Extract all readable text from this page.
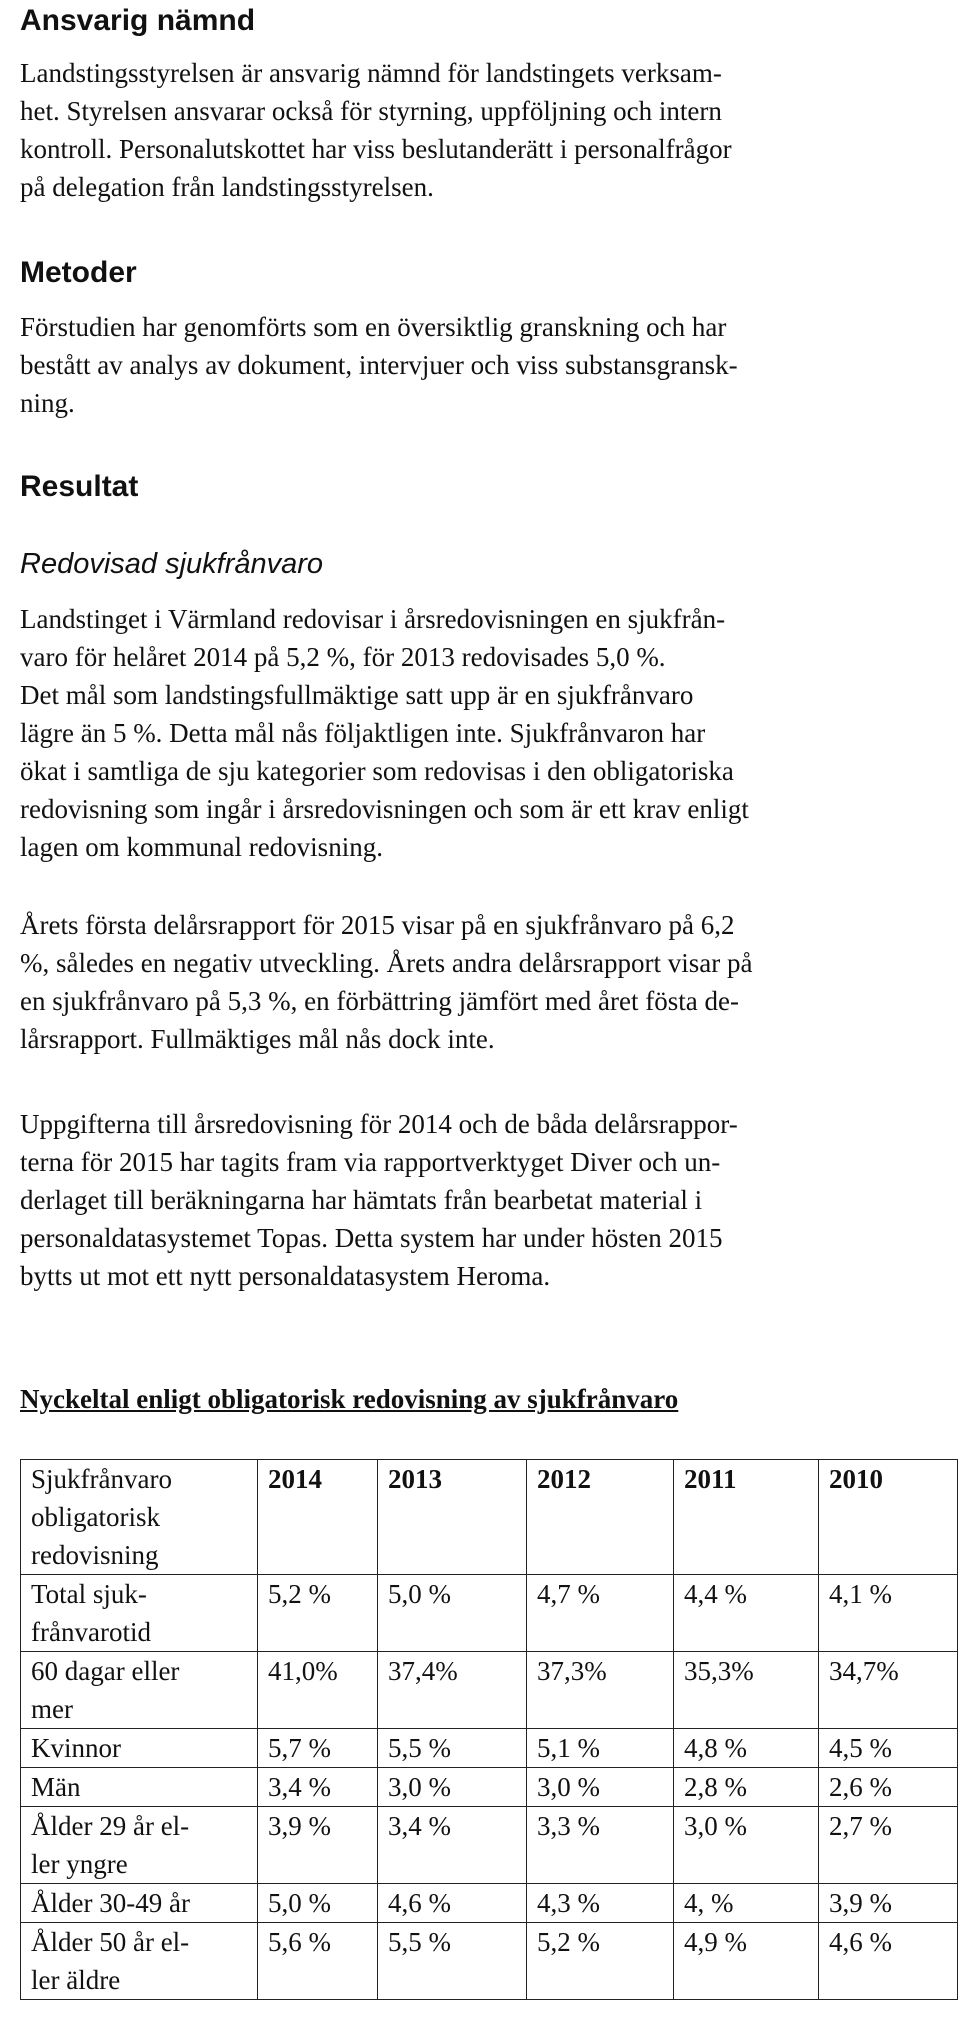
Ansvarig nämnd

Landstingsstyrelsen är ansvarig nämnd för landstingets verksam-
het. Styrelsen ansvarar också för styrning, uppföljning och intern
kontroll. Personalutskottet har viss beslutanderätt i personalfrågor
på delegation från landstingsstyrelsen.

Metoder

Förstudien har genomförts som en översiktlig granskning och har
bestått av analys av dokument, intervjuer och viss substansgransk-
ning.

Resultat
Redovisad sjukfrånvaro

Landstinget i Värmland redovisar i årsredovisningen en sjukfrån-
varo för helåret 2014 på 5,2 %, för 2013 redovisades 5,0 %.
Det mål som landstingsfullmäktige satt upp är en sjukfrånvaro
lägre än 5 %. Detta mål nås följaktligen inte. Sjukfrånvaron har
ökat i samtliga de sju kategorier som redovisas i den obligatoriska
redovisning som ingår i årsredovisningen och som är ett krav enligt
lagen om kommunal redovisning.

Årets första delårsrapport för 2015 visar på en sjukfrånvaro på 6,2
%, således en negativ utveckling. Årets andra delårsrapport visar på
en sjukfrånvaro på 5,3 %, en förbättring jämfört med året fösta de-
lårsrapport. Fullmäktiges mål nås dock inte.

Uppgifterna till årsredovisning för 2014 och de båda delårsrappor-
terna för 2015 har tagits fram via rapportverktyget Diver och un-
derlaget till beräkningarna har hämtats från bearbetat material i
personaldatasystemet Topas. Detta system har under hösten 2015
bytts ut mot ett nytt personaldatasystem Heroma.

Nyckeltal enligt obligatorisk redovisning av sjukfrånvaro
Sjukfrånvaro
obligatorisk
redovisning	2014	2013	2012	2011	2010

Total sjuk-
frånvarotid	5,2 %	5,0 %	4,7 %	4,4 %	4,1 %

60 dagar eller
mer	41,0%	37,4%	37,3%	35,3%	34,7%

Kvinnor	5,7 %	5,5 %	5,1 %	4,8 %	4,5 %

Män	3,4 %	3,0 %	3,0 %	2,8 %	2,6 %

Ålder 29 år el-
ler yngre	3,9 %	3,4 %	3,3 %	3,0 %	2,7 %

Ålder 30-49 år	5,0 %	4,6 %	4,3 %	4, %	3,9 %

Ålder 50 år el-
ler äldre	5,6 %	5,5 %	5,2 %	4,9 %	4,6 %
